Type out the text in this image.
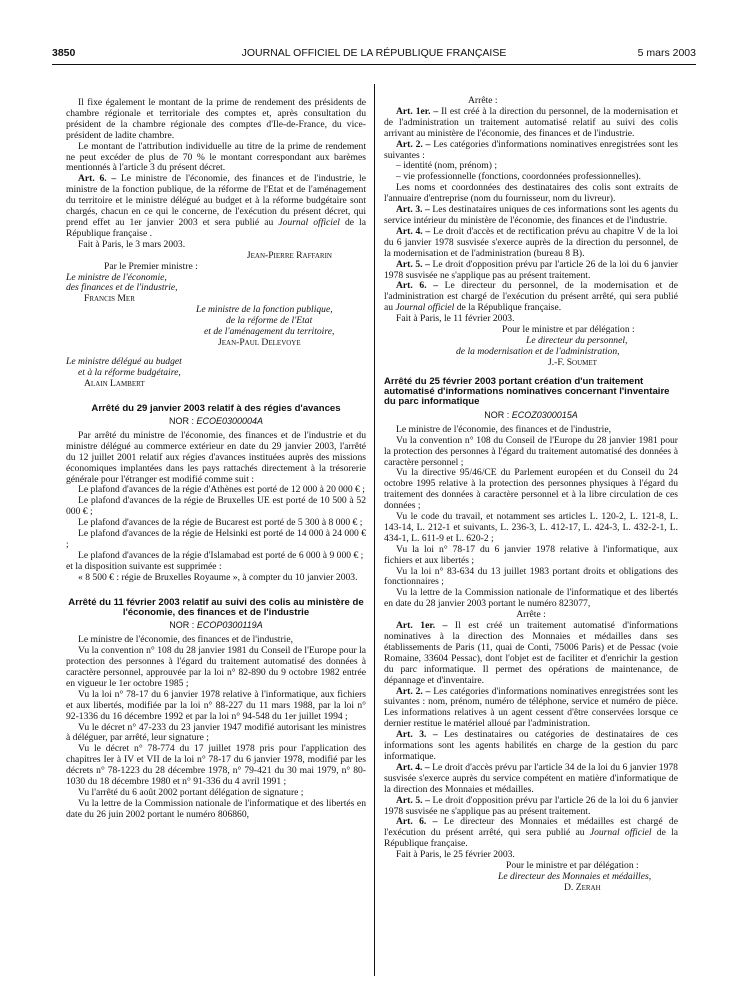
3850	JOURNAL OFFICIEL DE LA RÉPUBLIQUE FRANÇAISE	5 mars 2003

Il fixe également le montant de la prime de rendement des présidents de chambre régionale et territoriale des comptes et, après consultation du président de la chambre régionale des comptes d'Ile-de-France, du vice-président de ladite chambre.

Le montant de l'attribution individuelle au titre de la prime de rendement ne peut excéder de plus de 70 % le montant correspondant aux barèmes mentionnés à l'article 3 du présent décret.

Art. 6. – Le ministre de l'économie, des finances et de l'industrie, le ministre de la fonction publique, de la réforme de l'Etat et de l'aménagement du territoire et le ministre délégué au budget et à la réforme budgétaire sont chargés, chacun en ce qui le concerne, de l'exécution du présent décret, qui prend effet au 1er janvier 2003 et sera publié au Journal officiel de la République française .

Fait à Paris, le 3 mars 2003.

Jean-Pierre Raffarin

Par le Premier ministre :

Le ministre de l'économie,

des finances et de l'industrie,

Francis Mer

Le ministre de la fonction publique,

de la réforme de l'Etat

et de l'aménagement du territoire,

Jean-Paul Delevoye

Le ministre délégué au budget

et à la réforme budgétaire,

Alain Lambert

Arrêté du 29 janvier 2003 relatif à des régies d'avances

NOR : ECOE0300004A

Par arrêté du ministre de l'économie, des finances et de l'industrie et du ministre délégué au commerce extérieur en date du 29 janvier 2003, l'arrêté du 12 juillet 2001 relatif aux régies d'avances instituées auprès des missions économiques implantées dans les pays rattachés directement à la trésorerie générale pour l'étranger est modifié comme suit :

Le plafond d'avances de la régie d'Athènes est porté de 12 000 à 20 000 € ;

Le plafond d'avances de la régie de Bruxelles UE est porté de 10 500 à 52 000 € ;

Le plafond d'avances de la régie de Bucarest est porté de 5 300 à 8 000 € ;

Le plafond d'avances de la régie de Helsinki est porté de 14 000 à 24 000 € ;

Le plafond d'avances de la régie d'Islamabad est porté de 6 000 à 9 000 € ;

et la disposition suivante est supprimée :

« 8 500 € : régie de Bruxelles Royaume », à compter du 10 janvier 2003.

Arrêté du 11 février 2003 relatif au suivi des colis au ministère de l'économie, des finances et de l'industrie

NOR : ECOP0300119A

Le ministre de l'économie, des finances et de l'industrie,

Vu la convention n° 108 du 28 janvier 1981 du Conseil de l'Europe pour la protection des personnes à l'égard du traitement automatisé des données à caractère personnel, approuvée par la loi n° 82-890 du 9 octobre 1982 entrée en vigueur le 1er octobre 1985 ;

Vu la loi n° 78-17 du 6 janvier 1978 relative à l'informatique, aux fichiers et aux libertés, modifiée par la loi n° 88-227 du 11 mars 1988, par la loi n° 92-1336 du 16 décembre 1992 et par la loi n° 94-548 du 1er juillet 1994 ;

Vu le décret n° 47-233 du 23 janvier 1947 modifié autorisant les ministres à déléguer, par arrêté, leur signature ;

Vu le décret n° 78-774 du 17 juillet 1978 pris pour l'application des chapitres Ier à IV et VII de la loi n° 78-17 du 6 janvier 1978, modifié par les décrets n° 78-1223 du 28 décembre 1978, n° 79-421 du 30 mai 1979, n° 80-1030 du 18 décembre 1980 et n° 91-336 du 4 avril 1991 ;

Vu l'arrêté du 6 août 2002 portant délégation de signature ;

Vu la lettre de la Commission nationale de l'informatique et des libertés en date du 26 juin 2002 portant le numéro 806860,

Arrête :

Art. 1er. – Il est créé à la direction du personnel, de la modernisation et de l'administration un traitement automatisé relatif au suivi des colis arrivant au ministère de l'économie, des finances et de l'industrie.

Art. 2. – Les catégories d'informations nominatives enregistrées sont les suivantes :

– identité (nom, prénom) ;

– vie professionnelle (fonctions, coordonnées professionnelles).

Les noms et coordonnées des destinataires des colis sont extraits de l'annuaire d'entreprise (nom du fournisseur, nom du livreur).

Art. 3. – Les destinataires uniques de ces informations sont les agents du service intérieur du ministère de l'économie, des finances et de l'industrie.

Art. 4. – Le droit d'accès et de rectification prévu au chapitre V de la loi du 6 janvier 1978 susvisée s'exerce auprès de la direction du personnel, de la modernisation et de l'administration (bureau 8 B).

Art. 5. – Le droit d'opposition prévu par l'article 26 de la loi du 6 janvier 1978 susvisée ne s'applique pas au présent traitement.

Art. 6. – Le directeur du personnel, de la modernisation et de l'administration est chargé de l'exécution du présent arrêté, qui sera publié au Journal officiel de la République française.

Fait à Paris, le 11 février 2003.

Pour le ministre et par délégation :

Le directeur du personnel,

de la modernisation et de l'administration,

J.-F. Soumet

Arrêté du 25 février 2003 portant création d'un traitement automatisé d'informations nominatives concernant l'inventaire du parc informatique

NOR : ECOZ0300015A

Le ministre de l'économie, des finances et de l'industrie,

Vu la convention n° 108 du Conseil de l'Europe du 28 janvier 1981 pour la protection des personnes à l'égard du traitement automatisé des données à caractère personnel ;

Vu la directive 95/46/CE du Parlement européen et du Conseil du 24 octobre 1995 relative à la protection des personnes physiques à l'égard du traitement des données à caractère personnel et à la libre circulation de ces données ;

Vu le code du travail, et notamment ses articles L. 120-2, L. 121-8, L. 143-14, L. 212-1 et suivants, L. 236-3, L. 412-17, L. 424-3, L. 432-2-1, L. 434-1, L. 611-9 et L. 620-2 ;

Vu la loi n° 78-17 du 6 janvier 1978 relative à l'informatique, aux fichiers et aux libertés ;

Vu la loi n° 83-634 du 13 juillet 1983 portant droits et obligations des fonctionnaires ;

Vu la lettre de la Commission nationale de l'informatique et des libertés en date du 28 janvier 2003 portant le numéro 823077,

Arrête :

Art. 1er. – Il est créé un traitement automatisé d'informations nominatives à la direction des Monnaies et médailles dans ses établissements de Paris (11, quai de Conti, 75006 Paris) et de Pessac (voie Romaine, 33604 Pessac), dont l'objet est de faciliter et d'enrichir la gestion du parc informatique. Il permet des opérations de maintenance, de dépannage et d'inventaire.

Art. 2. – Les catégories d'informations nominatives enregistrées sont les suivantes : nom, prénom, numéro de téléphone, service et numéro de pièce. Les informations relatives à un agent cessent d'être conservées lorsque ce dernier restitue le matériel alloué par l'administration.

Art. 3. – Les destinataires ou catégories de destinataires de ces informations sont les agents habilités en charge de la gestion du parc informatique.

Art. 4. – Le droit d'accès prévu par l'article 34 de la loi du 6 janvier 1978 susvisée s'exerce auprès du service compétent en matière d'informatique de la direction des Monnaies et médailles.

Art. 5. – Le droit d'opposition prévu par l'article 26 de la loi du 6 janvier 1978 susvisée ne s'applique pas au présent traitement.

Art. 6. – Le directeur des Monnaies et médailles est chargé de l'exécution du présent arrêté, qui sera publié au Journal officiel de la République française.

Fait à Paris, le 25 février 2003.

Pour le ministre et par délégation :

Le directeur des Monnaies et médailles,

D. Zerah
